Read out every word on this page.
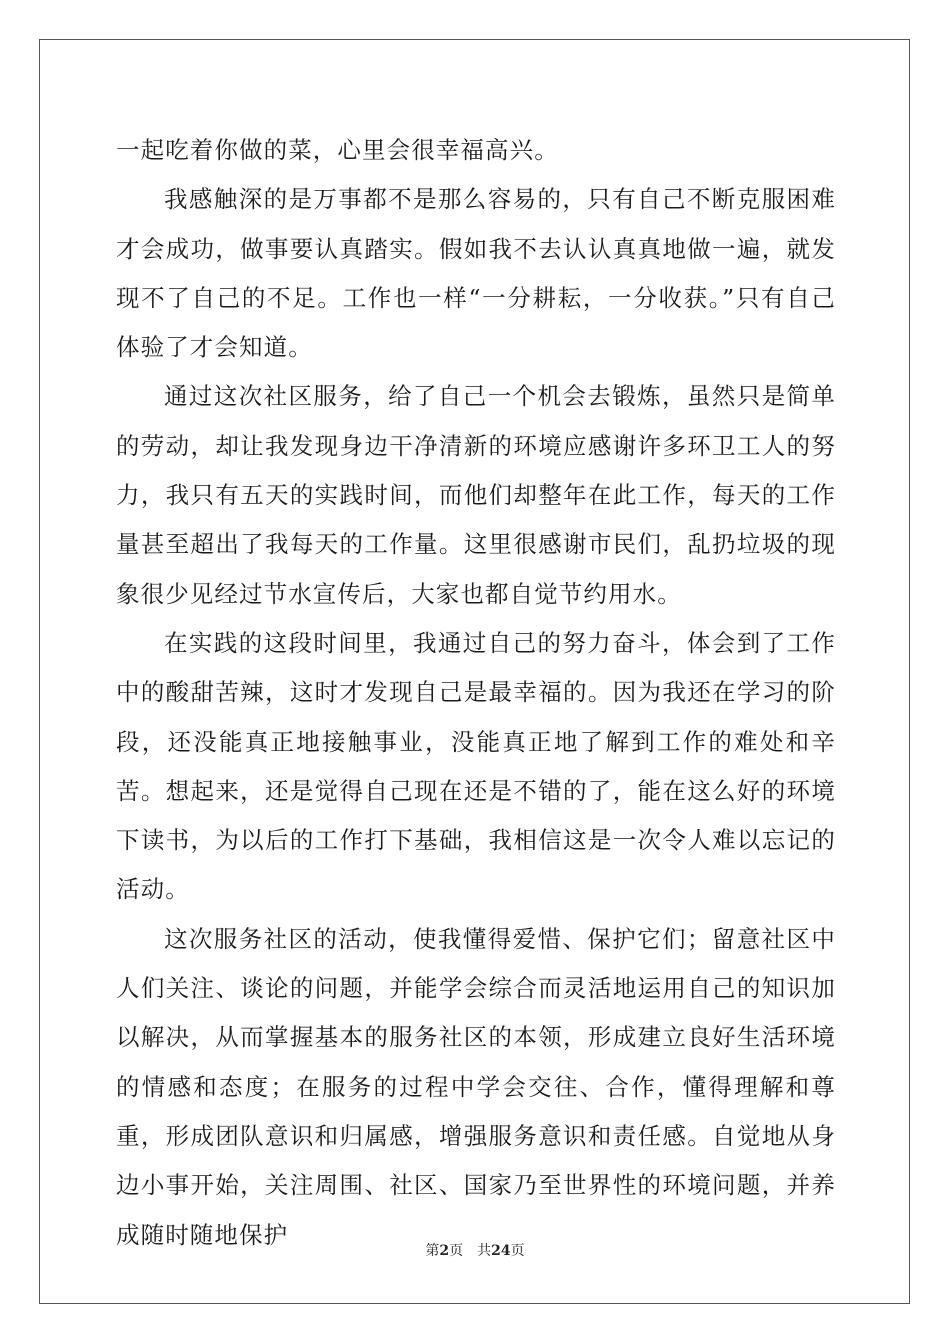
一起吃着你做的菜，心里会很幸福高兴。

我感触深的是万事都不是那么容易的，只有自己不断克服困难才会成功，做事要认真踏实。假如我不去认认真真地做一遍，就发现不了自己的不足。工作也一样“一分耕耘，一分收获。”只有自己体验了才会知道。

通过这次社区服务，给了自己一个机会去锻炼，虽然只是简单的劳动，却让我发现身边干净清新的环境应感谢许多环卫工人的努力，我只有五天的实践时间，而他们却整年在此工作，每天的工作量甚至超出了我每天的工作量。这里很感谢市民们，乱扔垃圾的现象很少见经过节水宣传后，大家也都自觉节约用水。

在实践的这段时间里，我通过自己的努力奋斗，体会到了工作中的酸甜苦辣，这时才发现自己是最幸福的。因为我还在学习的阶段，还没能真正地接触事业，没能真正地了解到工作的难处和辛苦。想起来，还是觉得自己现在还是不错的了，能在这么好的环境下读书，为以后的工作打下基础，我相信这是一次令人难以忘记的活动。

这次服务社区的活动，使我懂得爱惜、保护它们；留意社区中人们关注、谈论的问题，并能学会综合而灵活地运用自己的知识加以解决，从而掌握基本的服务社区的本领，形成建立良好生活环境的情感和态度；在服务的过程中学会交往、合作，懂得理解和尊重，形成团队意识和归属感，增强服务意识和责任感。自觉地从身边小事开始，关注周围、社区、国家乃至世界性的环境问题，并养成随时随地保护

第2页 共24页
